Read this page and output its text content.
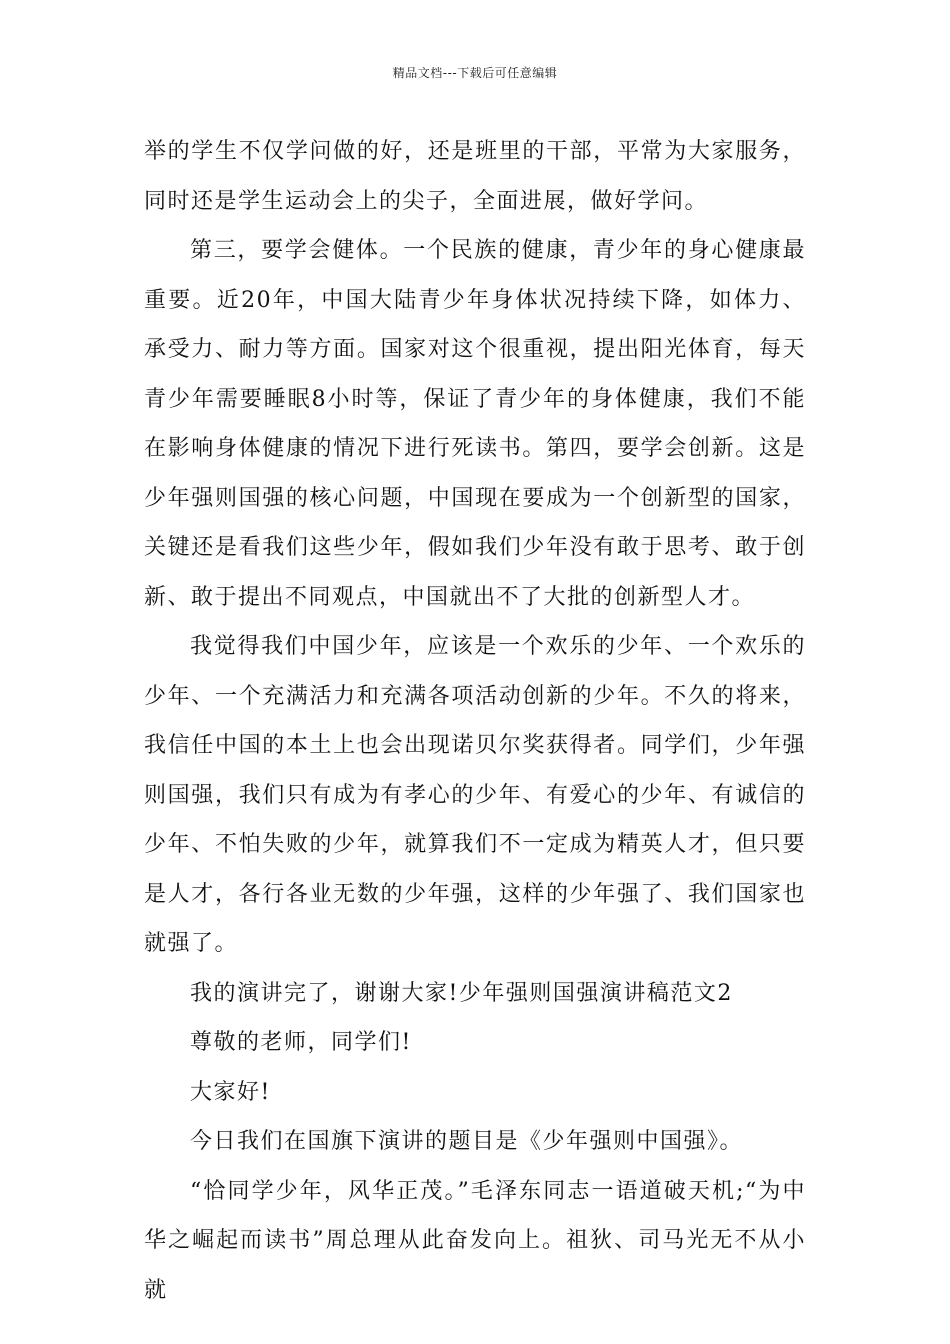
精品文档---下载后可任意编辑

举的学生不仅学问做的好，还是班里的干部，平常为大家服务，同时还是学生运动会上的尖子，全面进展，做好学问。

第三，要学会健体。一个民族的健康，青少年的身心健康最重要。近20年，中国大陆青少年身体状况持续下降，如体力、承受力、耐力等方面。国家对这个很重视，提出阳光体育，每天青少年需要睡眠8小时等，保证了青少年的身体健康，我们不能在影响身体健康的情况下进行死读书。第四，要学会创新。这是少年强则国强的核心问题，中国现在要成为一个创新型的国家，关键还是看我们这些少年，假如我们少年没有敢于思考、敢于创新、敢于提出不同观点，中国就出不了大批的创新型人才。

我觉得我们中国少年，应该是一个欢乐的少年、一个欢乐的少年、一个充满活力和充满各项活动创新的少年。不久的将来，我信任中国的本土上也会出现诺贝尔奖获得者。同学们，少年强则国强，我们只有成为有孝心的少年、有爱心的少年、有诚信的少年、不怕失败的少年，就算我们不一定成为精英人才，但只要是人才，各行各业无数的少年强，这样的少年强了、我们国家也就强了。

我的演讲完了，谢谢大家!少年强则国强演讲稿范文2

尊敬的老师，同学们!

大家好!

今日我们在国旗下演讲的题目是《少年强则中国强》。

“恰同学少年，风华正茂。”毛泽东同志一语道破天机;“为中华之崛起而读书”周总理从此奋发向上。祖狄、司马光无不从小就
